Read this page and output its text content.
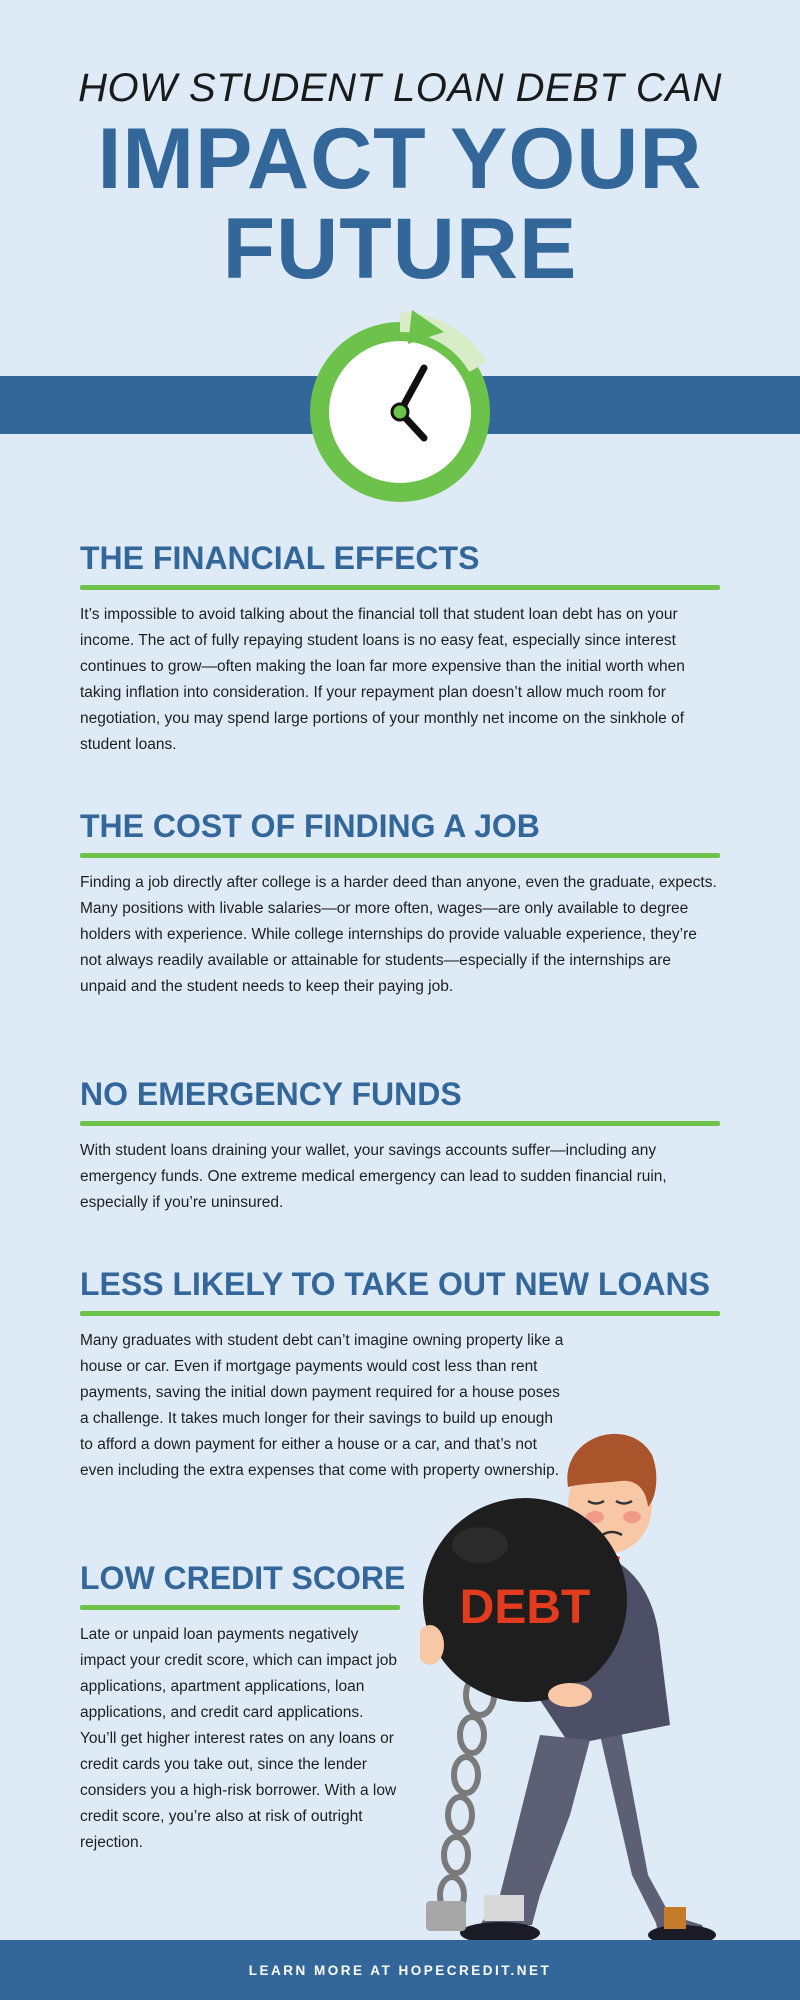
HOW STUDENT LOAN DEBT CAN
IMPACT YOUR
FUTURE
THE FINANCIAL EFFECTS
It’s impossible to avoid talking about the financial toll that student loan debt has on your income. The act of fully repaying student loans is no easy feat, especially since interest continues to grow—often making the loan far more expensive than the initial worth when taking inflation into consideration. If your repayment plan doesn’t allow much room for negotiation, you may spend large portions of your monthly net income on the sinkhole of student loans.
THE COST OF FINDING A JOB
Finding a job directly after college is a harder deed than anyone, even the graduate, expects. Many positions with livable salaries—or more often, wages—are only available to degree holders with experience. While college internships do provide valuable experience, they’re not always readily available or attainable for students—especially if the internships are unpaid and the student needs to keep their paying job.
NO EMERGENCY FUNDS
With student loans draining your wallet, your savings accounts suffer—including any emergency funds. One extreme medical emergency can lead to sudden financial ruin, especially if you’re uninsured.
LESS LIKELY TO TAKE OUT NEW LOANS
Many graduates with student debt can’t imagine owning property like a house or car. Even if mortgage payments would cost less than rent payments, saving the initial down payment required for a house poses a challenge. It takes much longer for their savings to build up enough to afford a down payment for either a house or a car, and that’s not even including the extra expenses that come with property ownership.
LOW CREDIT SCORE
Late or unpaid loan payments negatively impact your credit score, which can impact job applications, apartment applications, loan applications, and credit card applications. You’ll get higher interest rates on any loans or credit cards you take out, since the lender considers you a high-risk borrower. With a low credit score, you’re also at risk of outright rejection.
DEBT
LEARN MORE AT HOPECREDIT.NET
